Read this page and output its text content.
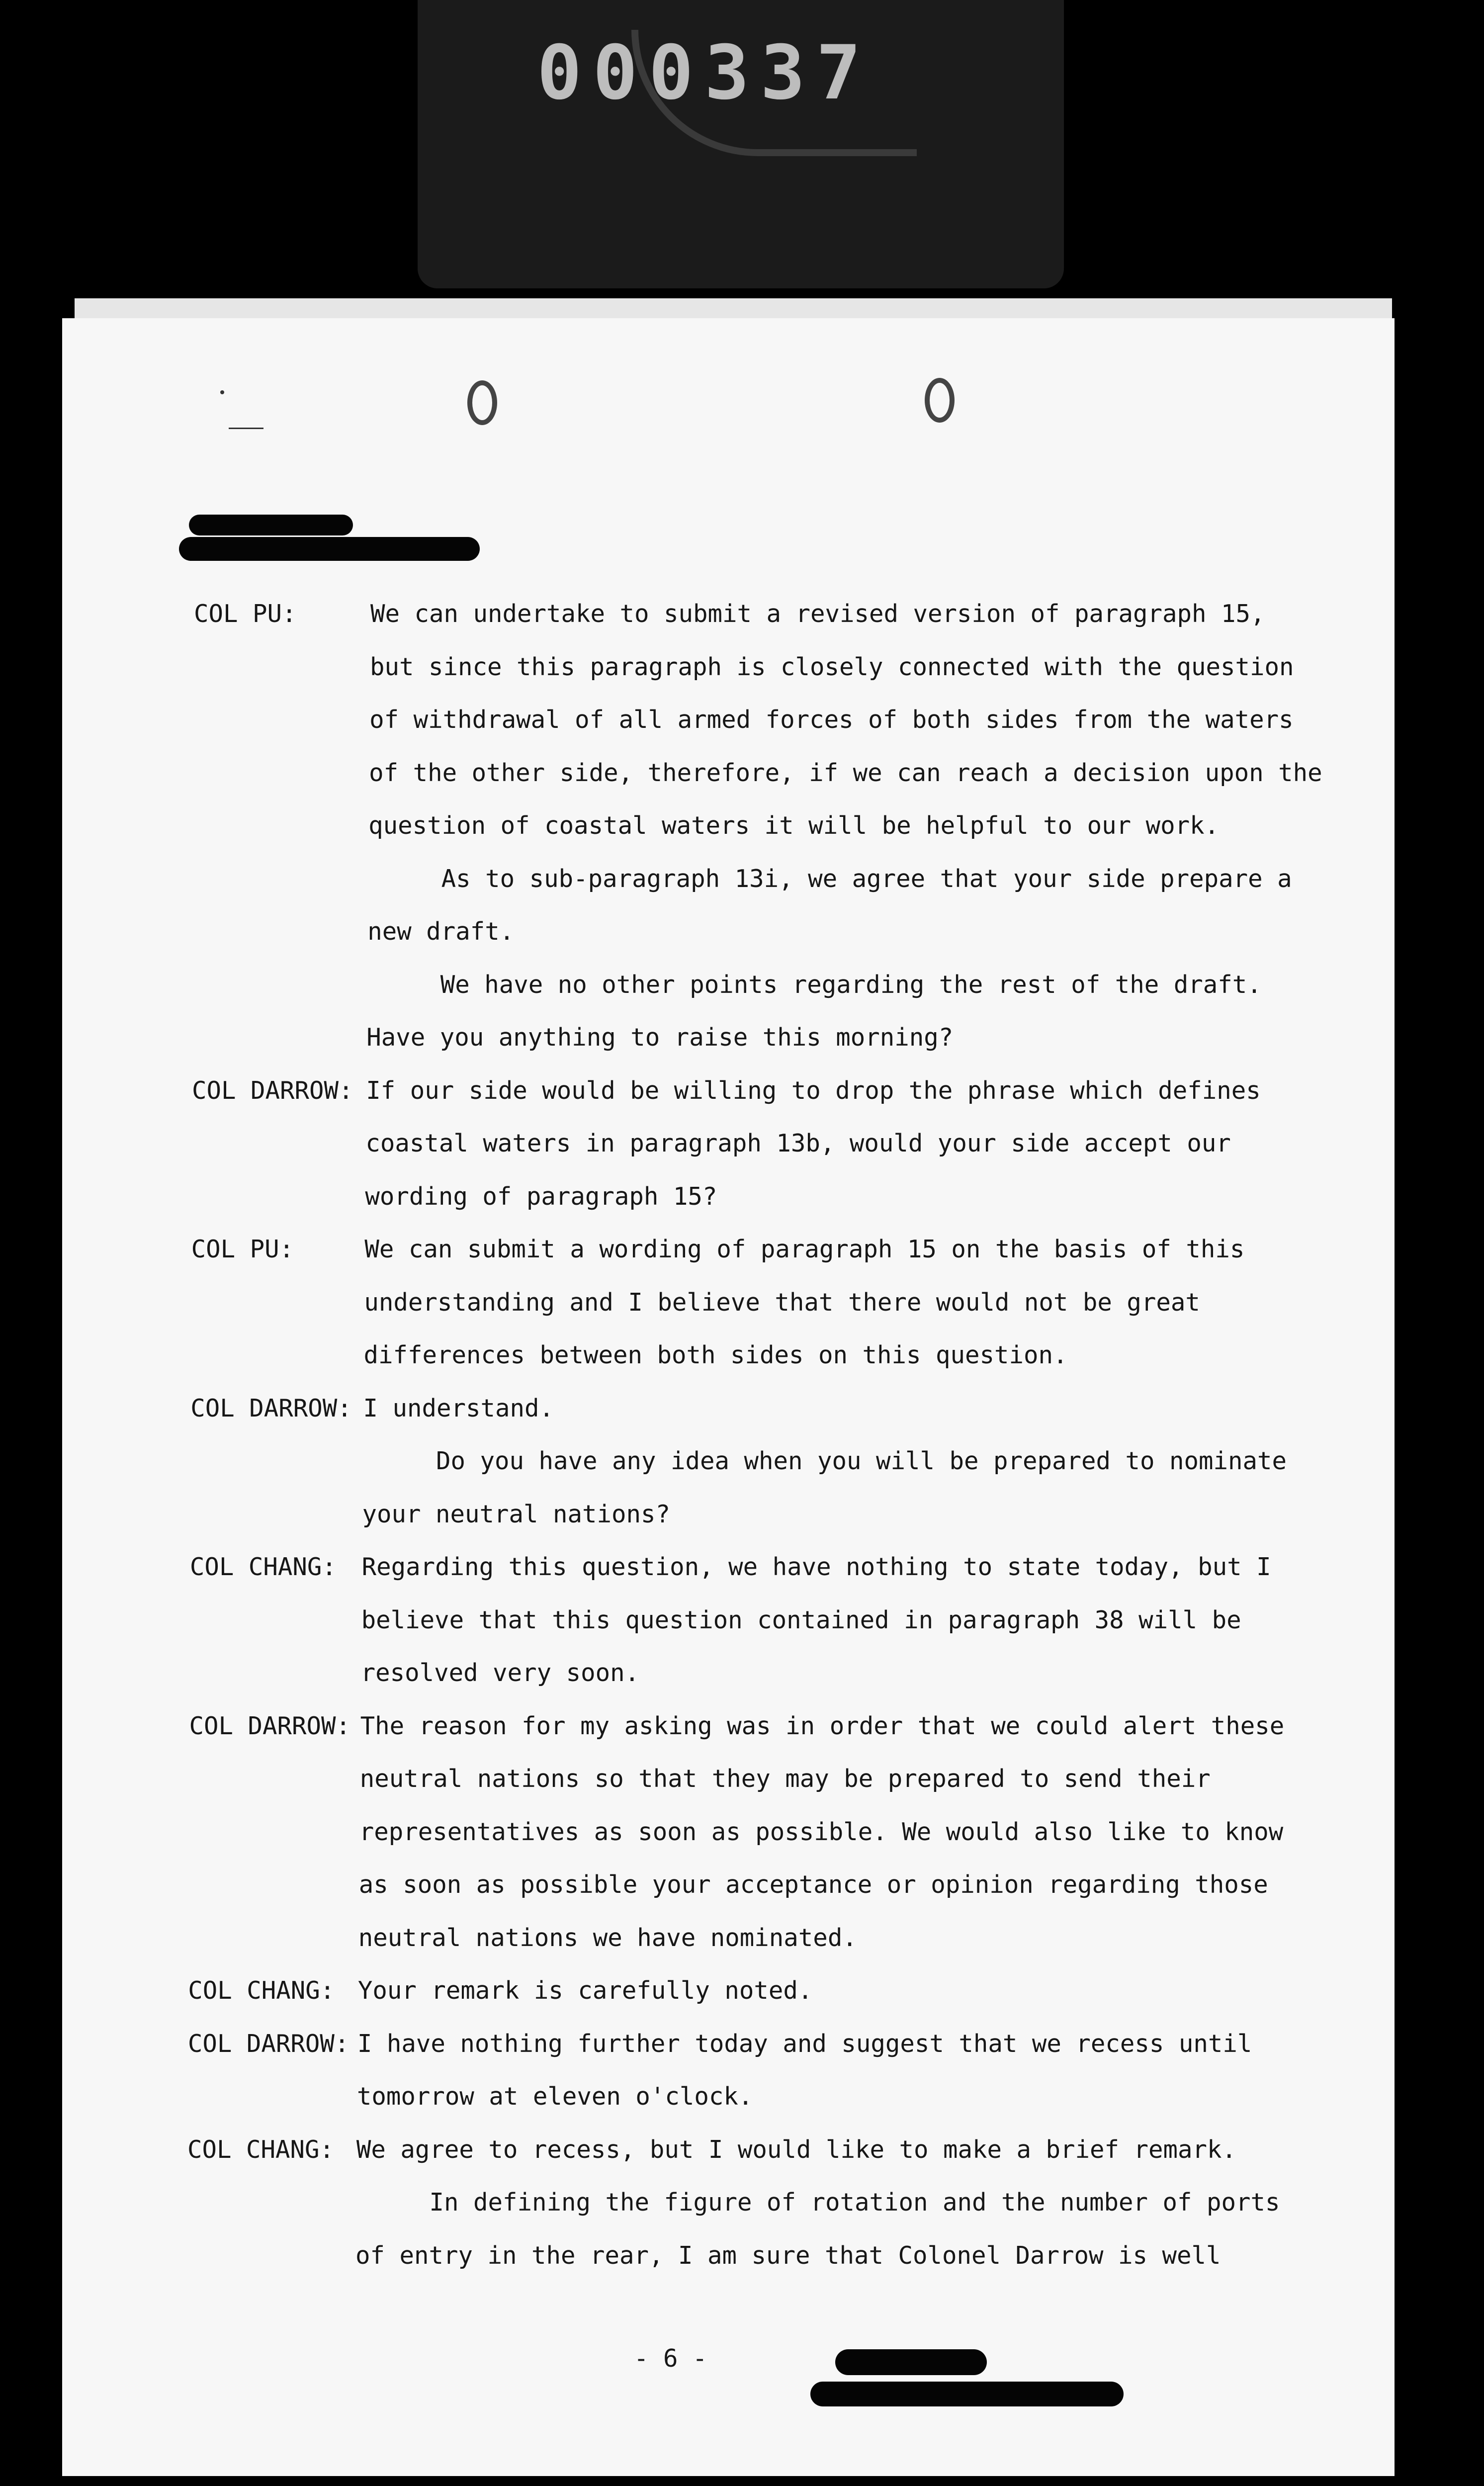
000337
COL PU:	We can undertake to submit a revised version of paragraph 15,
but since this paragraph is closely connected with the question
of withdrawal of all armed forces of both sides from the waters
of the other side, therefore, if we can reach a decision upon the
question of coastal waters it will be helpful to our work.
As to sub-paragraph 13i, we agree that your side prepare a
new draft.
We have no other points regarding the rest of the draft.
Have you anything to raise this morning?
COL DARROW: If our side would be willing to drop the phrase which defines
coastal waters in paragraph 13b, would your side accept our
wording of paragraph 15?
COL PU:	We can submit a wording of paragraph 15 on the basis of this
understanding and I believe that there would not be great
differences between both sides on this question.
COL DARROW: I understand.
Do you have any idea when you will be prepared to nominate
your neutral nations?
COL CHANG: Regarding this question, we have nothing to state today, but I
believe that this question contained in paragraph 38 will be
resolved very soon.
COL DARROW: The reason for my asking was in order that we could alert these
neutral nations so that they may be prepared to send their
representatives as soon as possible. We would also like to know
as soon as possible your acceptance or opinion regarding those
neutral nations we have nominated.
COL CHANG: Your remark is carefully noted.
COL DARROW: I have nothing further today and suggest that we recess until
tomorrow at eleven o'clock.
COL CHANG: We agree to recess, but I would like to make a brief remark.
In defining the figure of rotation and the number of ports
of entry in the rear, I am sure that Colonel Darrow is well
- 6 -
